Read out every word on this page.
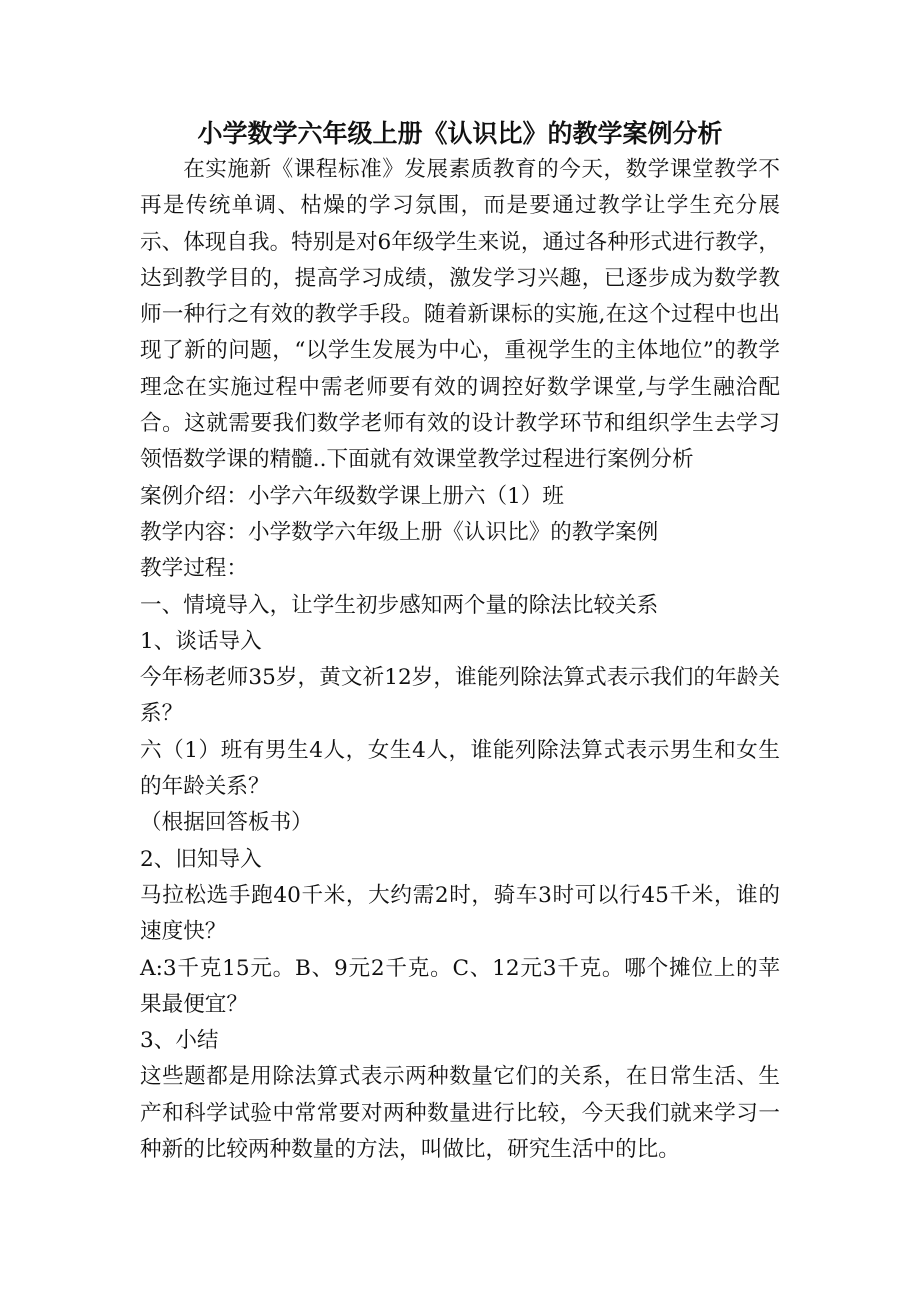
小学数学六年级上册《认识比》的教学案例分析

在实施新《课程标准》发展素质教育的今天，数学课堂教学不再是传统单调、枯燥的学习氛围，而是要通过教学让学生充分展示、体现自我。特别是对6年级学生来说，通过各种形式进行教学，达到教学目的，提高学习成绩，激发学习兴趣，已逐步成为数学教师一种行之有效的教学手段。随着新课标的实施,在这个过程中也出现了新的问题，“以学生发展为中心，重视学生的主体地位”的教学理念在实施过程中需老师要有效的调控好数学课堂,与学生融洽配合。这就需要我们数学老师有效的设计教学环节和组织学生去学习领悟数学课的精髓..下面就有效课堂教学过程进行案例分析

案例介绍：小学六年级数学课上册六（1）班

教学内容：小学数学六年级上册《认识比》的教学案例

教学过程：

一、情境导入，让学生初步感知两个量的除法比较关系

1、谈话导入

今年杨老师35岁，黄文祈12岁，谁能列除法算式表示我们的年龄关系？

六（1）班有男生4人，女生4人，谁能列除法算式表示男生和女生的年龄关系？

（根据回答板书）

2、旧知导入

马拉松选手跑40千米，大约需2时，骑车3时可以行45千米，谁的速度快？

A:3千克15元。B、9元2千克。C、12元3千克。哪个摊位上的苹果最便宜？

3、小结

这些题都是用除法算式表示两种数量它们的关系，在日常生活、生产和科学试验中常常要对两种数量进行比较，今天我们就来学习一种新的比较两种数量的方法，叫做比，研究生活中的比。
